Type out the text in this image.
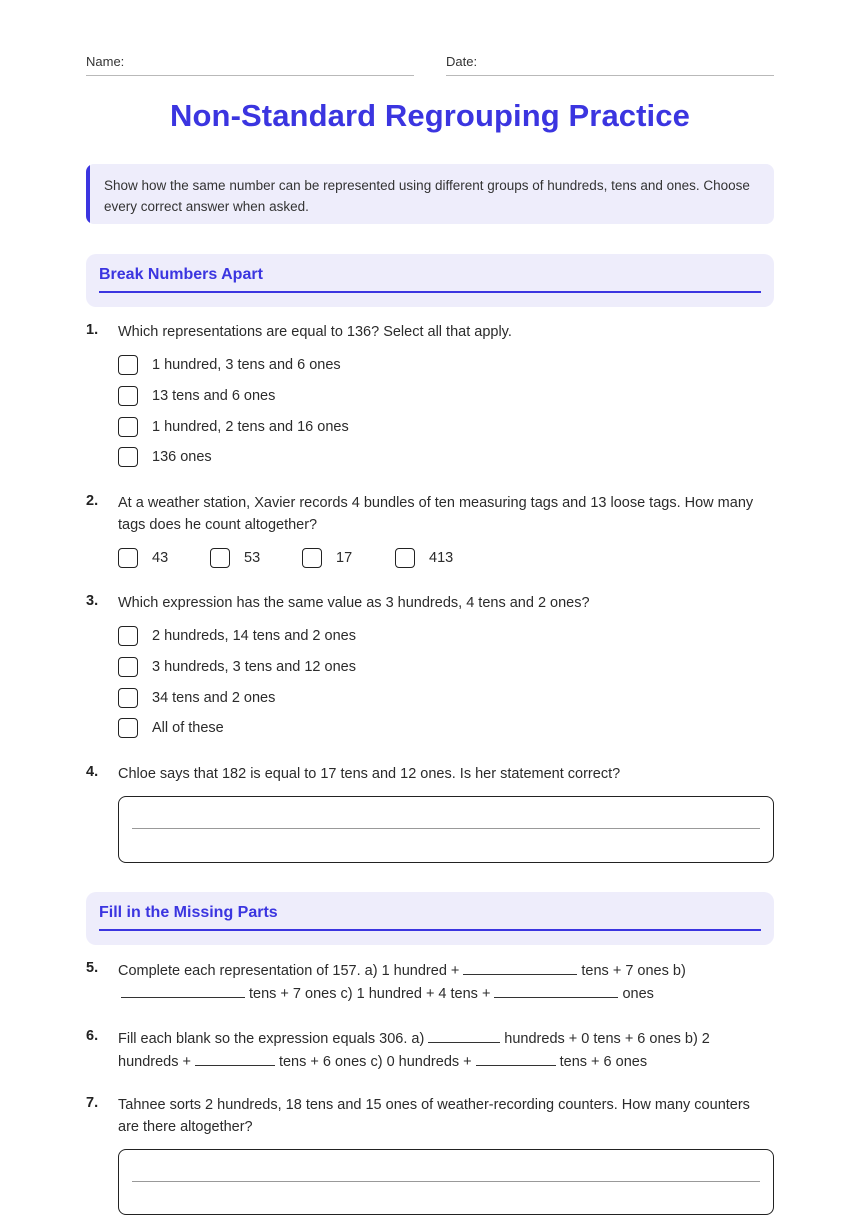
Name:	Date:
Non-Standard Regrouping Practice
Show how the same number can be represented using different groups of hundreds, tens and ones. Choose every correct answer when asked.
Break Numbers Apart
1. Which representations are equal to 136? Select all that apply.
1 hundred, 3 tens and 6 ones
13 tens and 6 ones
1 hundred, 2 tens and 16 ones
136 ones
2. At a weather station, Xavier records 4 bundles of ten measuring tags and 13 loose tags. How many tags does he count altogether?
43	53	17	413
3. Which expression has the same value as 3 hundreds, 4 tens and 2 ones?
2 hundreds, 14 tens and 2 ones
3 hundreds, 3 tens and 12 ones
34 tens and 2 ones
All of these
4. Chloe says that 182 is equal to 17 tens and 12 ones. Is her statement correct?
Fill in the Missing Parts
5. Complete each representation of 157. a) 1 hundred +	tens + 7 ones b)
tens + 7 ones c) 1 hundred + 4 tens +	ones
6. Fill each blank so the expression equals 306. a)	hundreds + 0 tens + 6 ones b) 2
hundreds +	tens + 6 ones c) 0 hundreds +	tens + 6 ones
7. Tahnee sorts 2 hundreds, 18 tens and 15 ones of weather-recording counters. How many counters are there altogether?
